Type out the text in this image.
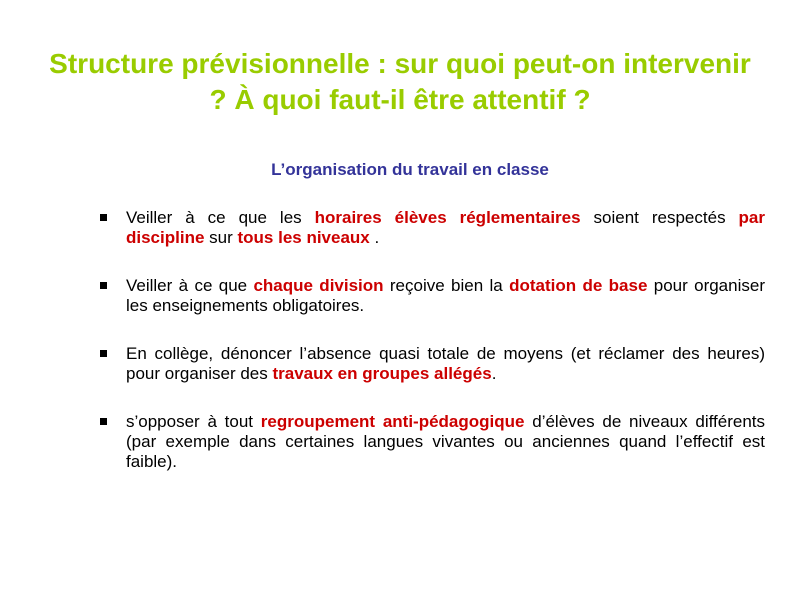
Structure prévisionnelle : sur quoi peut-on intervenir ? À quoi faut-il être attentif ?
L’organisation du travail en classe
Veiller à ce que les horaires élèves réglementaires soient respectés par discipline sur tous les niveaux .
Veiller à ce que chaque division reçoive bien la dotation de base pour organiser les enseignements obligatoires.
En collège, dénoncer l’absence quasi totale de moyens (et réclamer des heures) pour organiser des travaux en groupes allégés.
s’opposer à tout regroupement anti-pédagogique d’élèves de niveaux différents (par exemple dans certaines langues vivantes ou anciennes quand l’effectif est faible).
